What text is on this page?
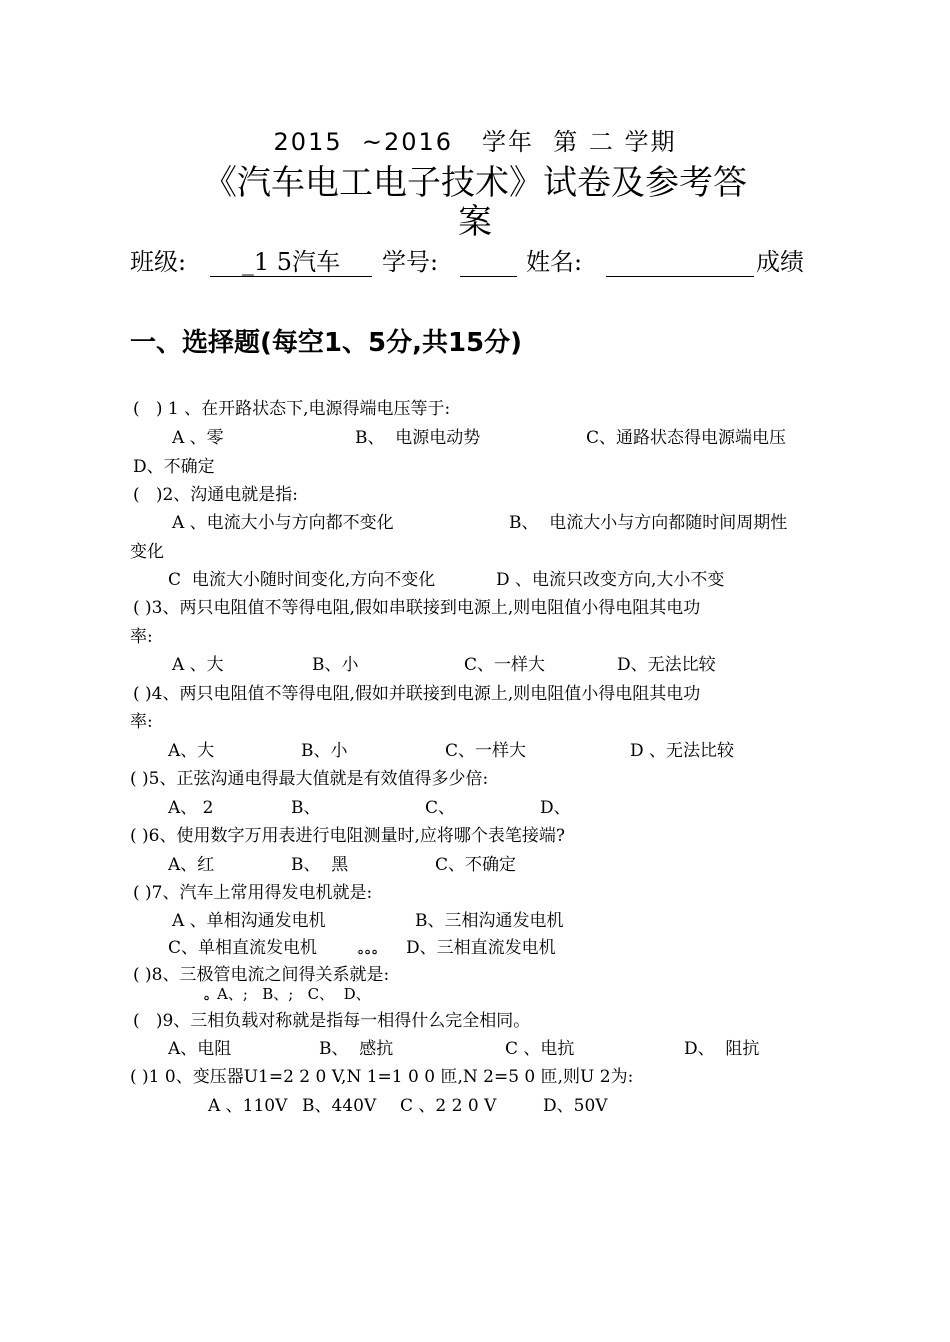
2015  ~2016   学年  第 二 学期
《汽车电工电子技术》试卷及参考答
案
班级:	_1 5汽车	学号:	姓名:	成绩
一、选择题(每空1、5分,共15分)
(   ) 1 、在开路状态下,电源得端电压等于:
A 、零	B、  电源电动势	C、通路状态得电源端电压
D、不确定
(   )2、沟通电就是指:
A 、电流大小与方向都不变化	B、  电流大小与方向都随时间周期性
变化
C  电流大小随时间变化,方向不变化	D 、电流只改变方向,大小不变
( )3、两只电阻值不等得电阻,假如串联接到电源上,则电阻值小得电阻其电功
率:
A 、大	B、小	C、一样大	D、无法比较
( )4、两只电阻值不等得电阻,假如并联接到电源上,则电阻值小得电阻其电功
率:
A、大	B、小	C、一样大	D 、无法比较
( )5、正弦沟通电得最大值就是有效值得多少倍:
A、 2	B、	C、	D、
( )6、使用数字万用表进行电阻测量时,应将哪个表笔接端?
A、红	B、  黑	C、不确定
( )7、汽车上常用得发电机就是:
A 、单相沟通发电机	B、三相沟通发电机
C、单相直流发电机	。。。 D、三相直流发电机
( )8、三极管电流之间得关系就是:
。 A、;   B、;   C、  D、
(   )9、三相负载对称就是指每一相得什么完全相同。
A、电阻	B、  感抗	C 、电抗	D、  阻抗
( )1 0、变压器U1=2 2 0 V,N 1=1 0 0 匝,N 2=5 0 匝,则U 2为:
A 、110V B、440V C 、2 2 0 V	D、50V
